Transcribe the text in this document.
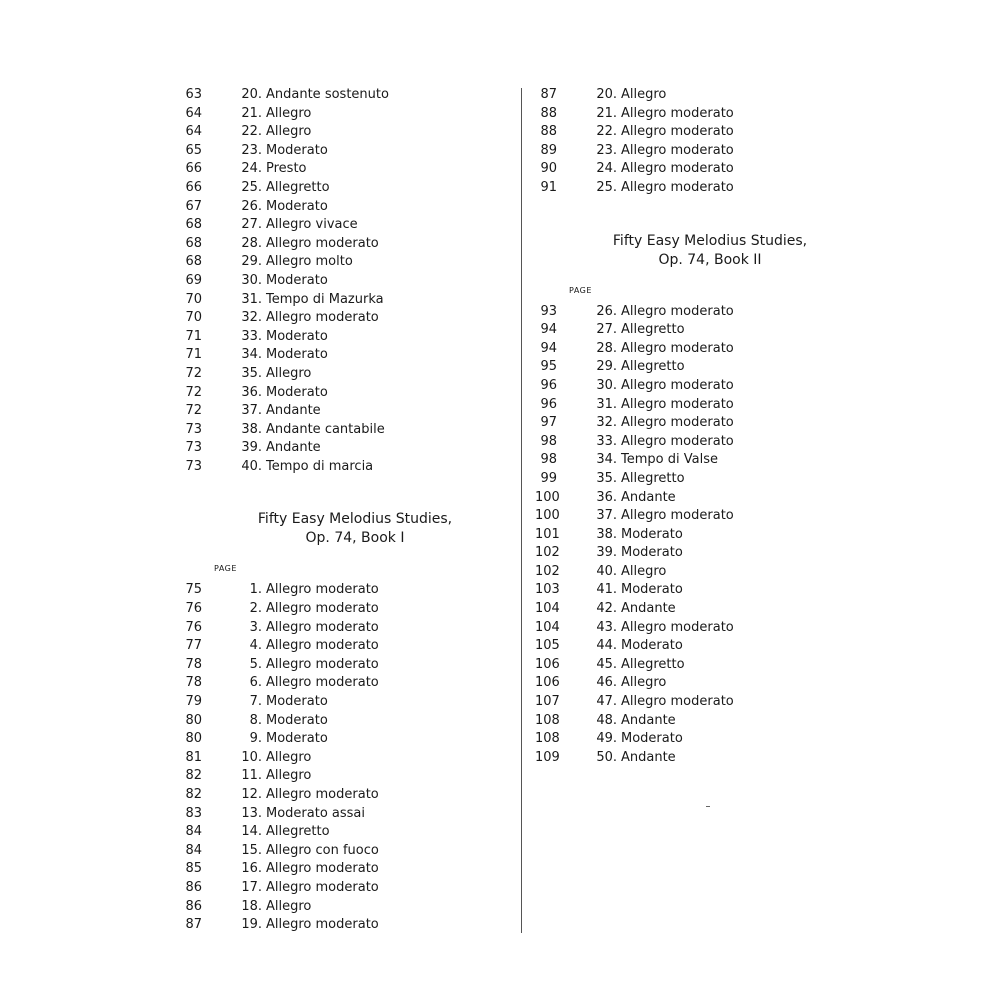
63	20. Andante sostenuto
64	21. Allegro
64	22. Allegro
65	23. Moderato
66	24. Presto
66	25. Allegretto
67	26. Moderato
68	27. Allegro vivace
68	28. Allegro moderato
68	29. Allegro molto
69	30. Moderato
70	31. Tempo di Mazurka
70	32. Allegro moderato
71	33. Moderato
71	34. Moderato
72	35. Allegro
72	36. Moderato
72	37. Andante
73	38. Andante cantabile
73	39. Andante
73	40. Tempo di marcia

Fifty Easy Melodius Studies,
Op. 74, Book I

PAGE
75	1. Allegro moderato
76	2. Allegro moderato
76	3. Allegro moderato
77	4. Allegro moderato
78	5. Allegro moderato
78	6. Allegro moderato
79	7. Moderato
80	8. Moderato
80	9. Moderato
81	10. Allegro
82	11. Allegro
82	12. Allegro moderato
83	13. Moderato assai
84	14. Allegretto
84	15. Allegro con fuoco
85	16. Allegro moderato
86	17. Allegro moderato
86	18. Allegro
87	19. Allegro moderato
87	20. Allegro
88	21. Allegro moderato
88	22. Allegro moderato
89	23. Allegro moderato
90	24. Allegro moderato
91	25. Allegro moderato

Fifty Easy Melodius Studies,
Op. 74, Book II

PAGE
93	26. Allegro moderato
94	27. Allegretto
94	28. Allegro moderato
95	29. Allegretto
96	30. Allegro moderato
96	31. Allegro moderato
97	32. Allegro moderato
98	33. Allegro moderato
98	34. Tempo di Valse
99	35. Allegretto
100	36. Andante
100	37. Allegro moderato
101	38. Moderato
102	39. Moderato
102	40. Allegro
103	41. Moderato
104	42. Andante
104	43. Allegro moderato
105	44. Moderato
106	45. Allegretto
106	46. Allegro
107	47. Allegro moderato
108	48. Andante
108	49. Moderato
109	50. Andante
